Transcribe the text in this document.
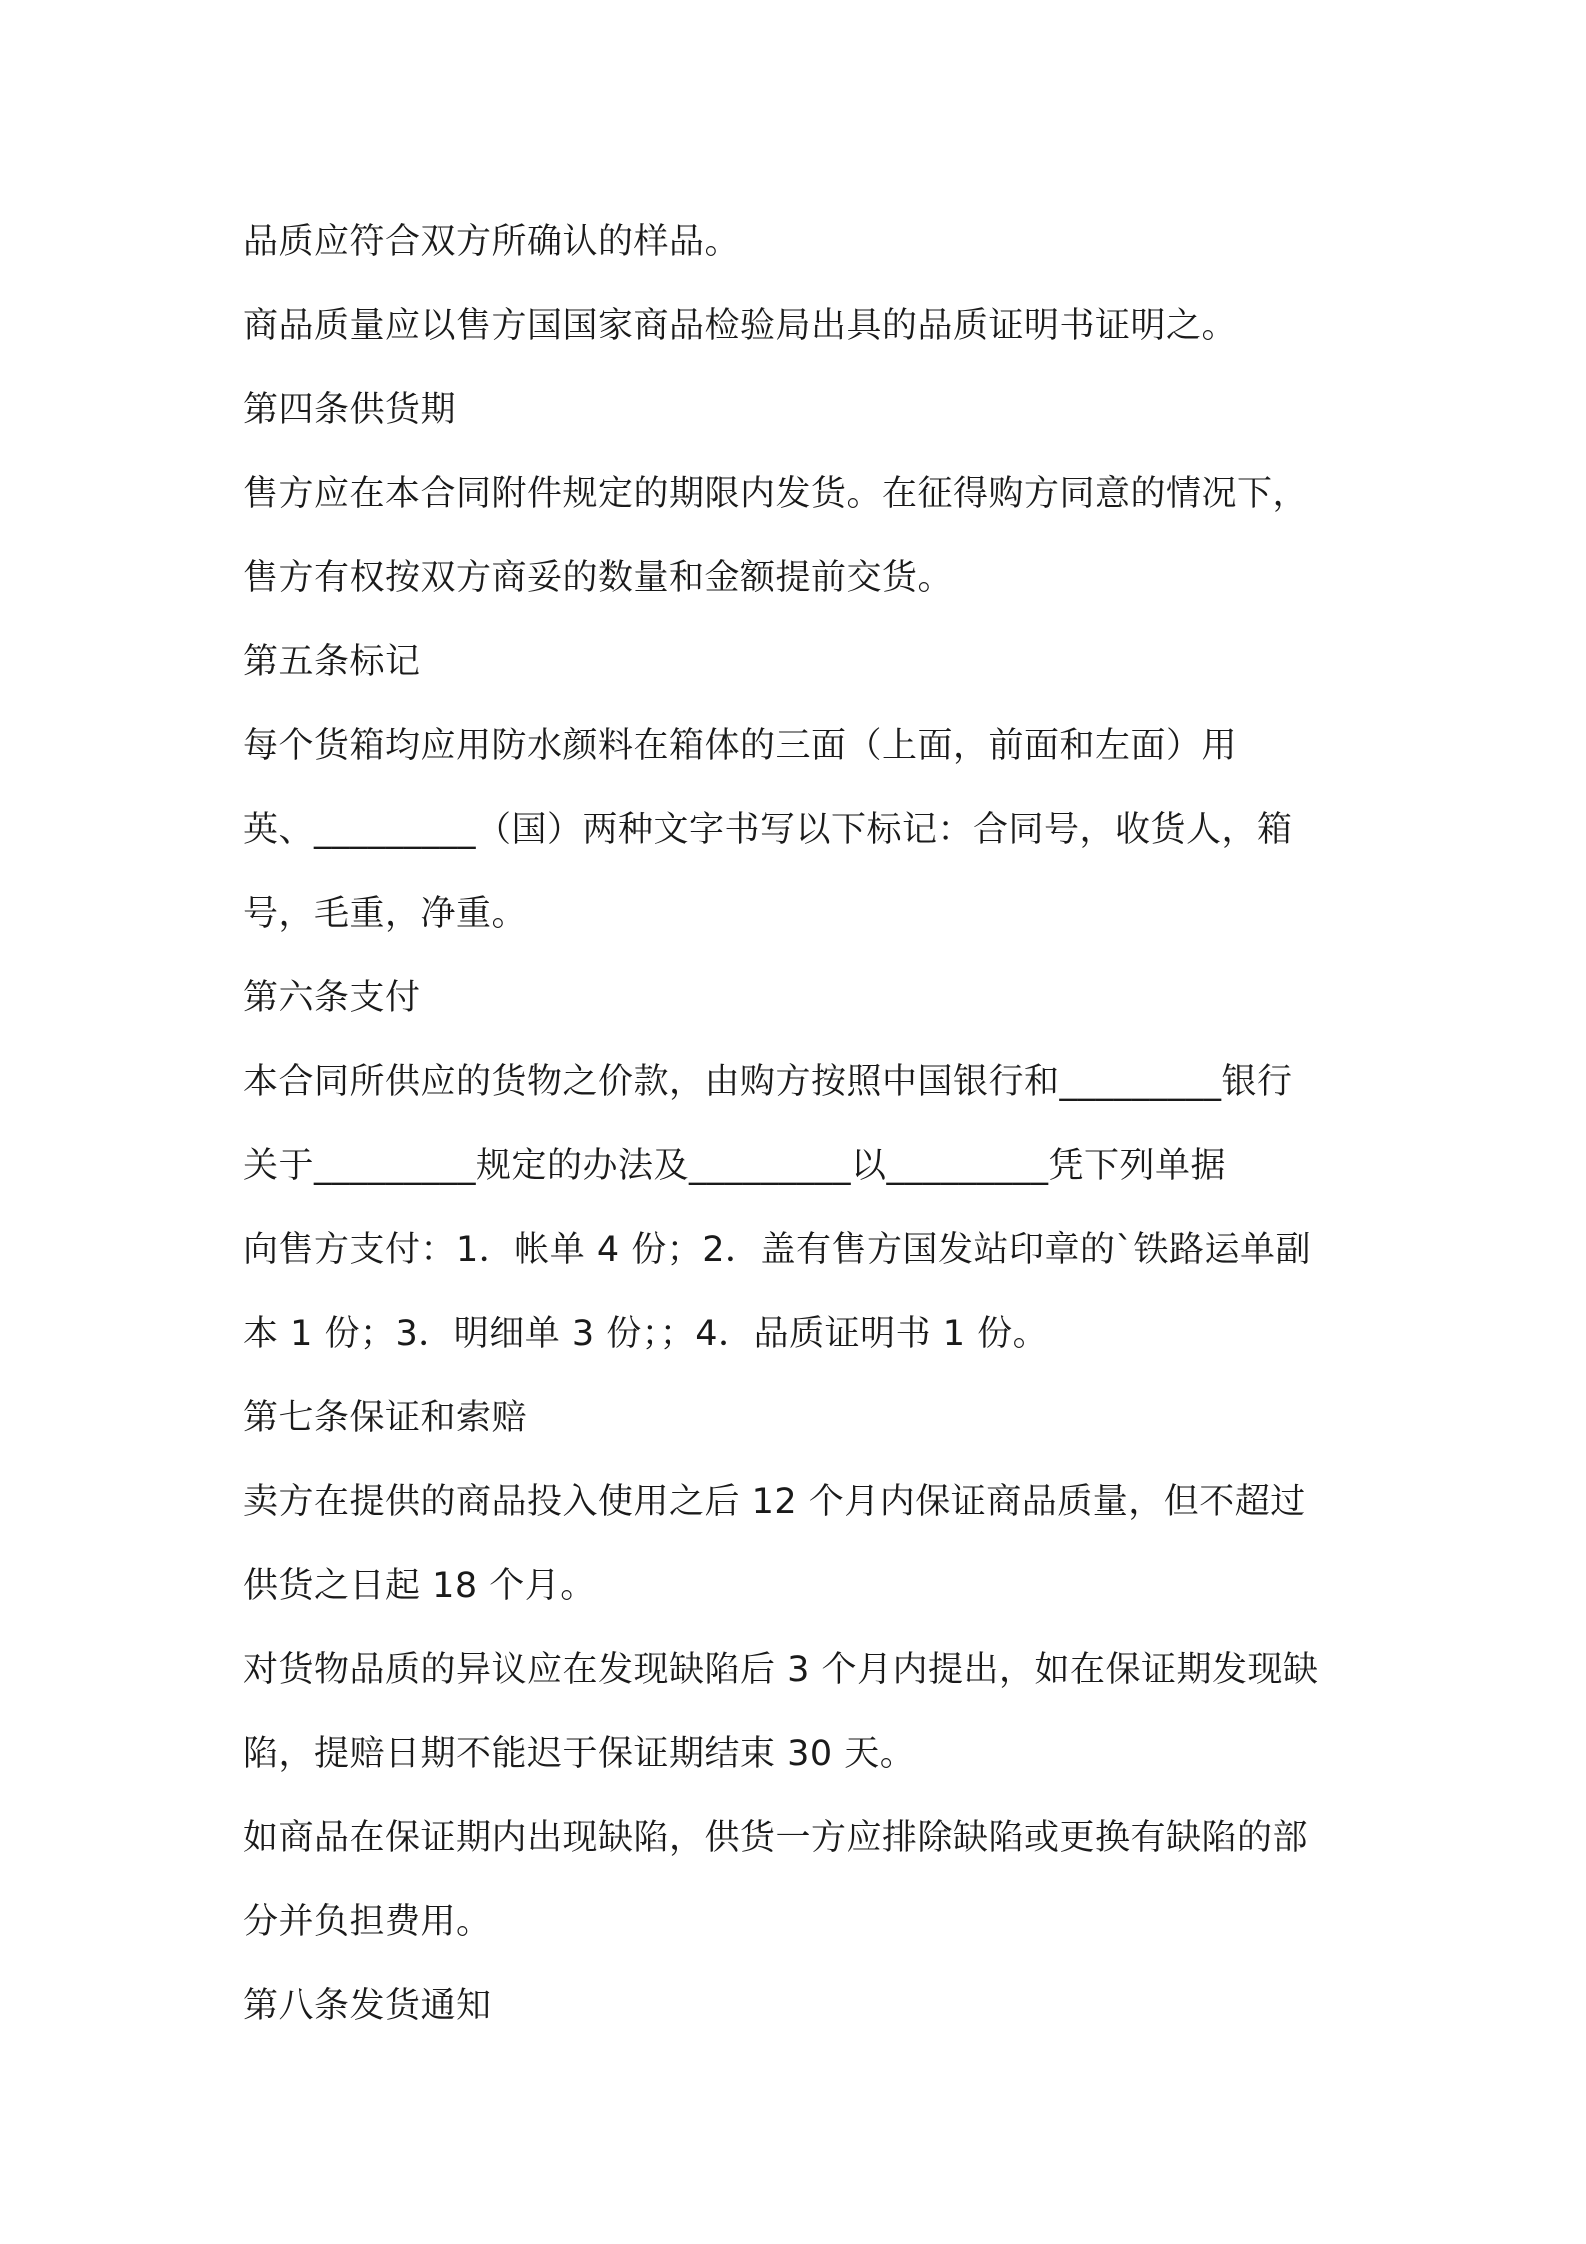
品质应符合双方所确认的样品。
商品质量应以售方国国家商品检验局出具的品质证明书证明之。
第四条供货期
售方应在本合同附件规定的期限内发货。在征得购方同意的情况下，
售方有权按双方商妥的数量和金额提前交货。
第五条标记
每个货箱均应用防水颜料在箱体的三面（上面，前面和左面）用
英、_________（国）两种文字书写以下标记：合同号，收货人，箱
号，毛重，净重。
第六条支付
本合同所供应的货物之价款，由购方按照中国银行和_________银行
关于_________规定的办法及_________以_________凭下列单据
向售方支付：1．帐单 4 份；2．盖有售方国发站印章的`铁路运单副
本 1 份；3．明细单 3 份；；4．品质证明书 1 份。
第七条保证和索赔
卖方在提供的商品投入使用之后 12 个月内保证商品质量，但不超过
供货之日起 18 个月。
对货物品质的异议应在发现缺陷后 3 个月内提出，如在保证期发现缺
陷，提赔日期不能迟于保证期结束 30 天。
如商品在保证期内出现缺陷，供货一方应排除缺陷或更换有缺陷的部
分并负担费用。
第八条发货通知
